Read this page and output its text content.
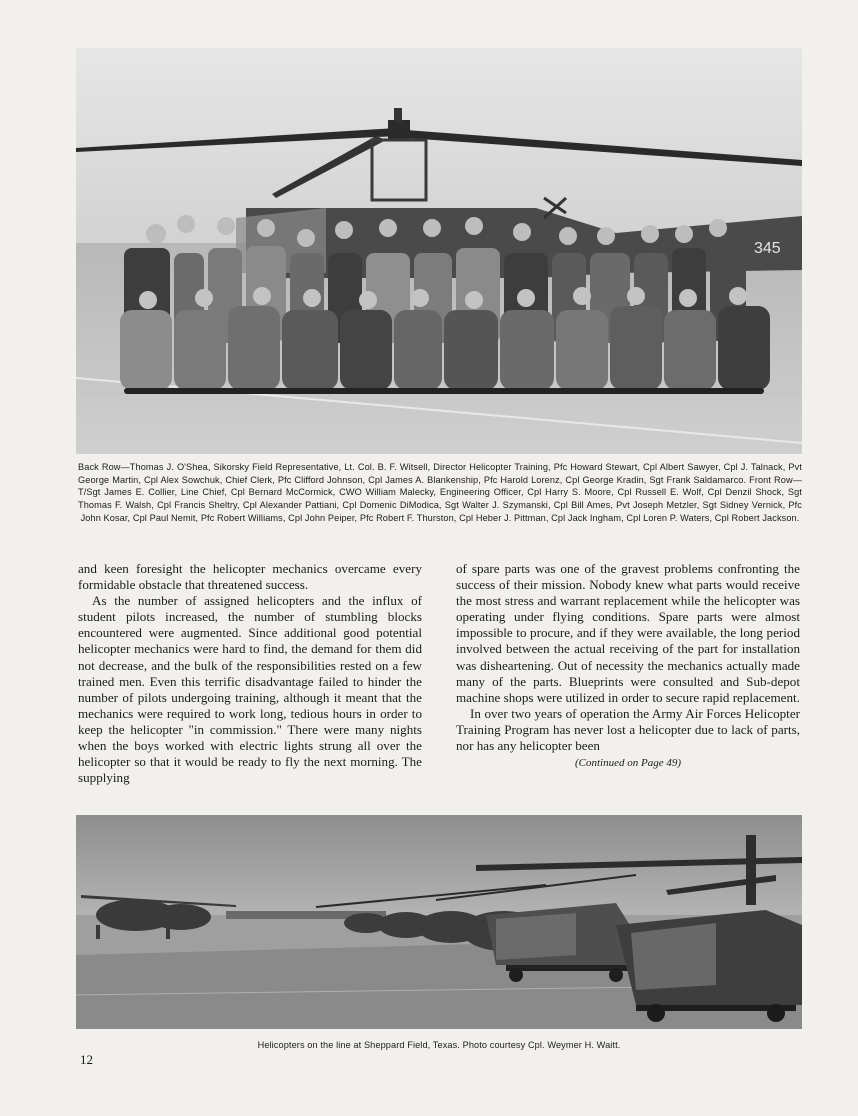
345
Back Row—Thomas J. O'Shea, Sikorsky Field Representative, Lt. Col. B. F. Witsell, Director Helicopter Training, Pfc Howard Stewart, Cpl Albert Sawyer, Cpl J. Talnack, Pvt George Martin, Cpl Alex Sowchuk, Chief Clerk, Pfc Clifford Johnson, Cpl James A. Blankenship, Pfc Harold Lorenz, Cpl George Kradin, Sgt Frank Saldamarco. Front Row—T/Sgt James E. Collier, Line Chief, Cpl Bernard McCormick, CWO William Malecky, Engineering Officer, Cpl Harry S. Moore, Cpl Russell E. Wolf, Cpl Denzil Shock, Sgt Thomas F. Walsh, Cpl Francis Sheltry, Cpl Alexander Pattiani, Cpl Domenic DiModica, Sgt Walter J. Szymanski, Cpl Bill Ames, Pvt Joseph Metzler, Sgt Sidney Vernick, Pfc John Kosar, Cpl Paul Nemit, Pfc Robert Williams, Cpl John Peiper, Pfc Robert F. Thurston, Cpl Heber J. Pittman, Cpl Jack Ingham, Cpl Loren P. Waters, Cpl Robert Jackson.

and keen foresight the helicopter mechanics overcame every formidable obstacle that threatened success.

As the number of assigned helicopters and the influx of student pilots increased, the number of stumbling blocks encountered were augmented. Since additional good potential helicopter mechanics were hard to find, the demand for them did not decrease, and the bulk of the responsibilities rested on a few trained men. Even this terrific disadvantage failed to hinder the number of pilots undergoing training, although it meant that the mechanics were required to work long, tedious hours in order to keep the helicopter "in commission." There were many nights when the boys worked with electric lights strung all over the helicopter so that it would be ready to fly the next morning. The supplying

of spare parts was one of the gravest problems confronting the success of their mission. Nobody knew what parts would receive the most stress and warrant replacement while the helicopter was operating under flying conditions. Spare parts were almost impossible to procure, and if they were available, the long period involved between the actual receiving of the part for installation was disheartening. Out of necessity the mechanics actually made many of the parts. Blueprints were consulted and Sub-depot machine shops were utilized in order to secure rapid replacement.

In over two years of operation the Army Air Forces Helicopter Training Program has never lost a helicopter due to lack of parts, nor has any helicopter been

(Continued on Page 49)
Helicopters on the line at Sheppard Field, Texas. Photo courtesy Cpl. Weymer H. Waitt.
12
